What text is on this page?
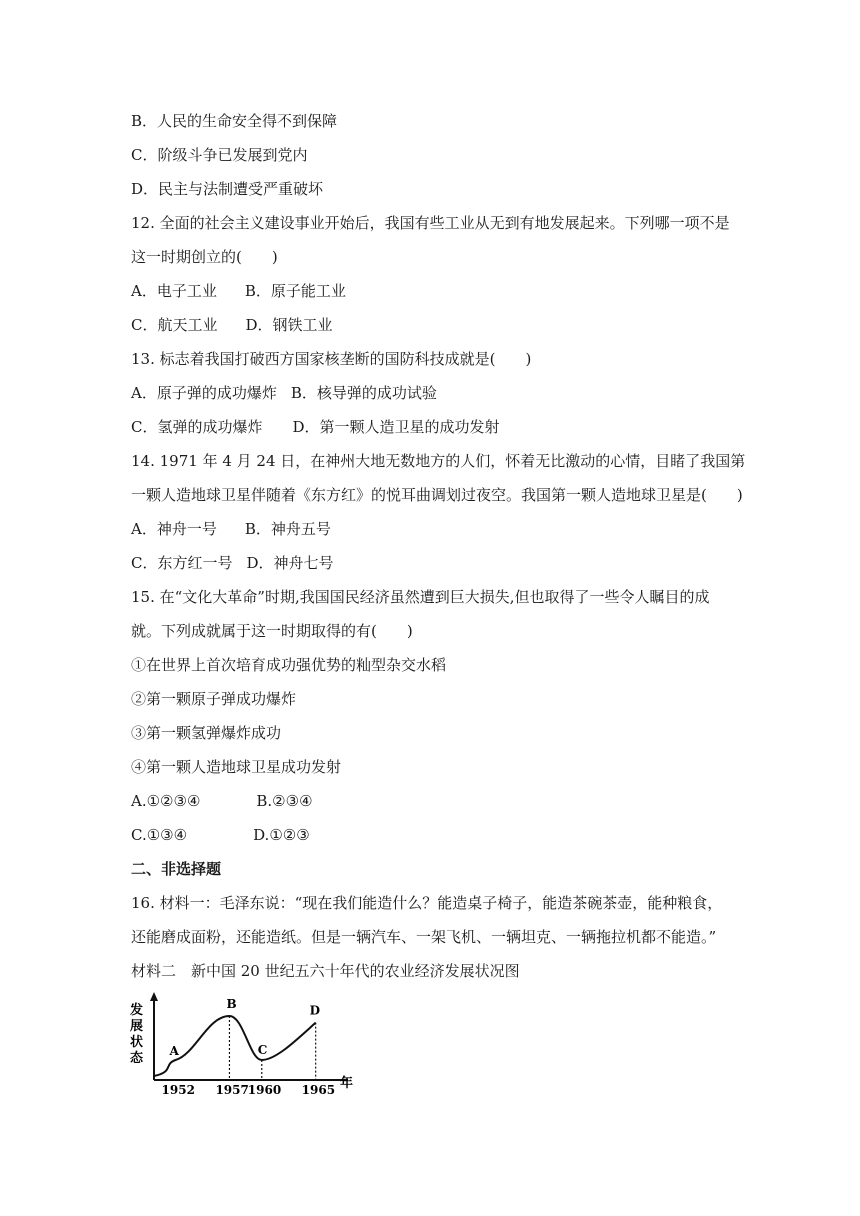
B．人民的生命安全得不到保障
C．阶级斗争已发展到党内
D．民主与法制遭受严重破坏
12. 全面的社会主义建设事业开始后，我国有些工业从无到有地发展起来。下列哪一项不是
这一时期创立的(　　)
A．电子工业 B．原子能工业
C．航天工业 D．钢铁工业
13. 标志着我国打破西方国家核垄断的国防科技成就是(　　)
A．原子弹的成功爆炸 B．核导弹的成功试验
C．氢弹的成功爆炸 D．第一颗人造卫星的成功发射
14. 1971 年 4 月 24 日，在神州大地无数地方的人们，怀着无比激动的心情，目睹了我国第
一颗人造地球卫星伴随着《东方红》的悦耳曲调划过夜空。我国第一颗人造地球卫星是(　　)
A．神舟一号 B．神舟五号
C．东方红一号 D．神舟七号
15. 在“文化大革命”时期,我国国民经济虽然遭到巨大损失,但也取得了一些令人瞩目的成
就。下列成就属于这一时期取得的有(　　)
①在世界上首次培育成功强优势的籼型杂交水稻
②第一颗原子弹成功爆炸
③第一颗氢弹爆炸成功
④第一颗人造地球卫星成功发射
A.①②③④	B.②③④
C.①③④	D.①②③
二、非选择题
16. 材料一：毛泽东说：“现在我们能造什么？能造桌子椅子，能造茶碗茶壶，能种粮食，
还能磨成面粉，还能造纸。但是一辆汽车、一架飞机、一辆坦克、一辆拖拉机都不能造。”
材料二　新中国 20 世纪五六十年代的农业经济发展状况图
发
展
状
态
年
A
1952
B
1957
C
1960
D
1965
